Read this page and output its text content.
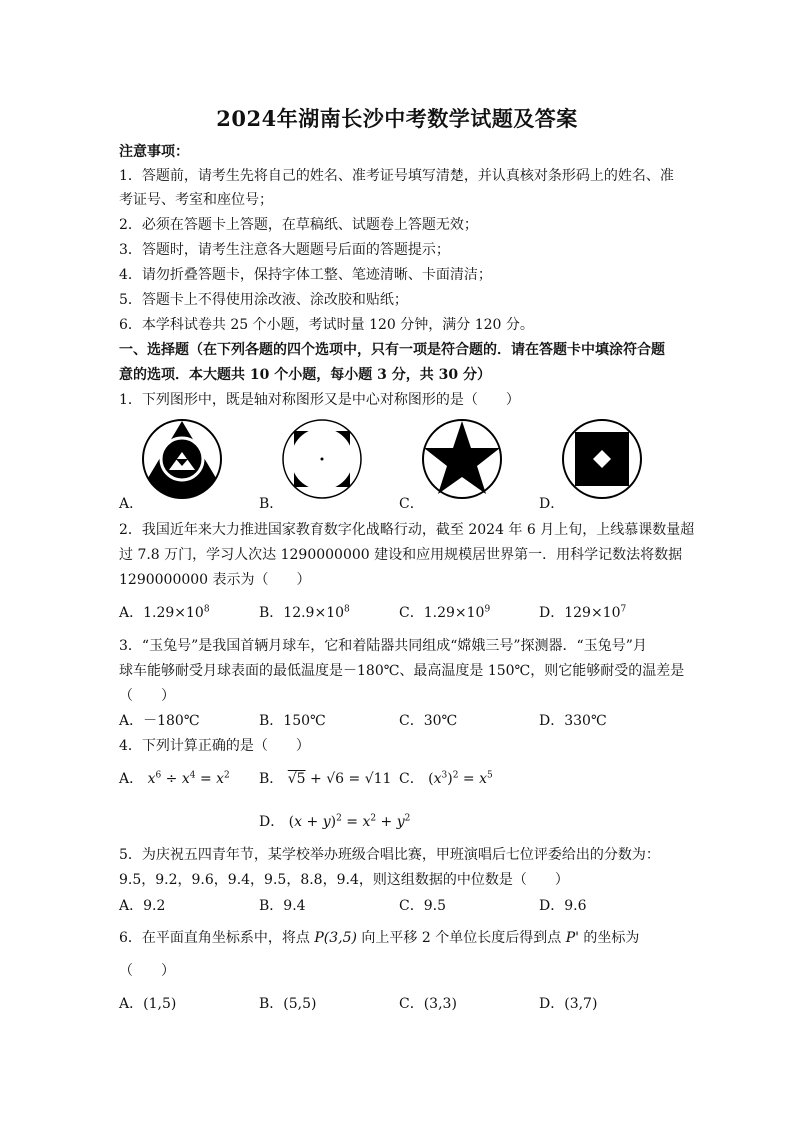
2024年湖南长沙中考数学试题及答案
注意事项：
1．答题前，请考生先将自己的姓名、准考证号填写清楚，并认真核对条形码上的姓名、准
考证号、考室和座位号；
2．必须在答题卡上答题，在草稿纸、试题卷上答题无效；
3．答题时，请考生注意各大题题号后面的答题提示；
4．请勿折叠答题卡，保持字体工整、笔迹清晰、卡面清洁；
5．答题卡上不得使用涂改液、涂改胶和贴纸；
6．本学科试卷共 25 个小题，考试时量 120 分钟，满分 120 分。
一、选择题（在下列各题的四个选项中，只有一项是符合题的．请在答题卡中填涂符合题
意的选项．本大题共 10 个小题，每小题 3 分，共 30 分）
1．下列图形中，既是轴对称图形又是中心对称图形的是（　　）
A．	B．	C．	D．
2．我国近年来大力推进国家教育数字化战略行动，截至 2024 年 6 月上旬，上线慕课数量超
过 7.8 万门，学习人次达 1290000000 建设和应用规模居世界第一．用科学记数法将数据
1290000000 表示为（　　）
A．$1.29\times 10^8$	B．$12.9\times 10^8$	C．$1.29\times 10^9$	D．$129\times 10^7$
3．“玉兔号”是我国首辆月球车，它和着陆器共同组成“嫦娥三号”探测器．“玉兔号”月
球车能够耐受月球表面的最低温度是－180℃、最高温度是 150℃，则它能够耐受的温差是
（　　）
A．－180℃	B．150℃	C．30℃	D．330℃
4．下列计算正确的是（　　）
A． $x^6 \div x^4 = x^2$ B． √5 + √6 = √11 C． $(x^3)^2 = x^5$
D． $(x + y)^2 = x^2 + y^2$
5．为庆祝五四青年节，某学校举办班级合唱比赛，甲班演唱后七位评委给出的分数为：
9.5，9.2，9.6，9.4，9.5，8.8，9.4，则这组数据的中位数是（　　）
A．9.2	B．9.4	C．9.5	D．9.6
6．在平面直角坐标系中，将点 P(3,5) 向上平移 2 个单位长度后得到点 P' 的坐标为
（　　）
A．(1,5)	B．(5,5)	C．(3,3)	D．(3,7)
